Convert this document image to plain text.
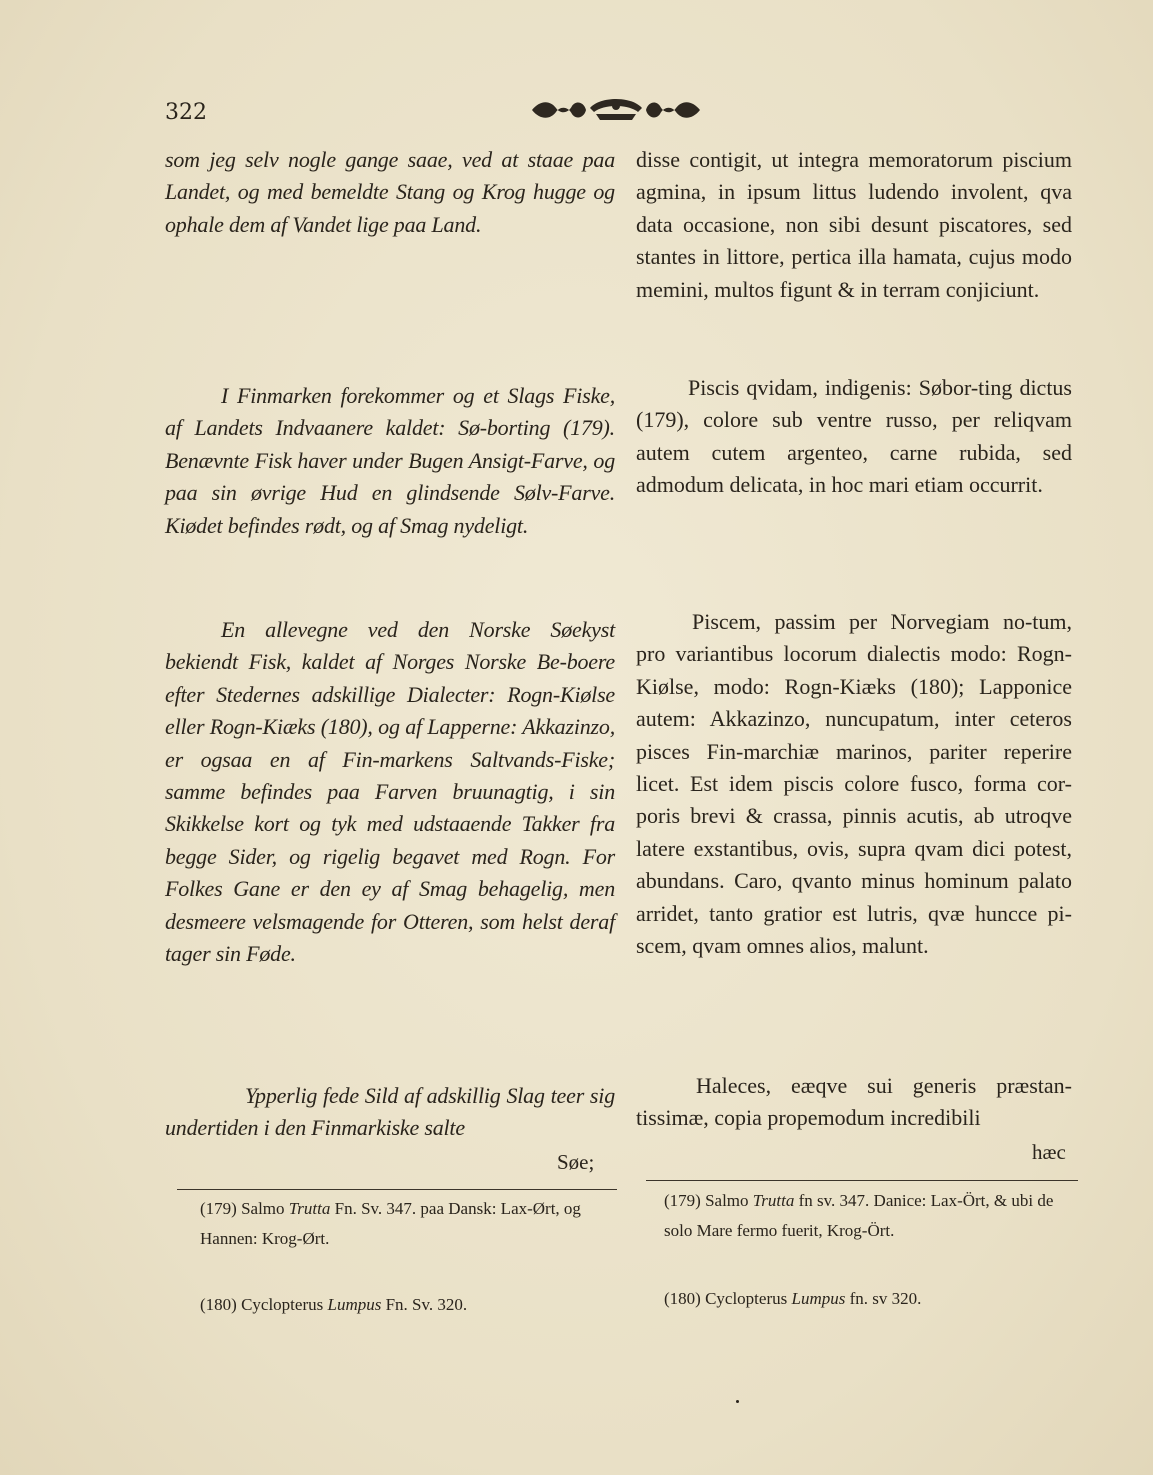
322

som jeg selv nogle gange saae, ved at staae paa Landet, og med bemeldte Stang og Krog hugge og ophale dem af Vandet lige paa Land.

I Finmarken forekommer og et Slags Fiske, af Landets Indvaanere kaldet: Sø-borting (179). Benævnte Fisk haver under Bugen Ansigt-Farve, og paa sin øvrige Hud en glindsende Sølv-Farve. Kiødet befindes rødt, og af Smag nydeligt.

En allevegne ved den Norske Søekyst bekiendt Fisk, kaldet af Norges Norske Be-boere efter Stedernes adskillige Dialecter: Rogn-Kiølse eller Rogn-Kiæks (180), og af Lapperne: Akkazinzo, er ogsaa en af Fin-markens Saltvands-Fiske; samme befindes paa Farven bruunagtig, i sin Skikkelse kort og tyk med udstaaende Takker fra begge Sider, og rigelig begavet med Rogn. For Folkes Gane er den ey af Smag behagelig, men desmeere velsmagende for Otteren, som helst deraf tager sin Føde.

Ypperlig fede Sild af adskillig Slag teer sig undertiden i den Finmarkiske salte

Søe;

(179) Salmo Trutta Fn. Sv. 347. paa Dansk: Lax-Ørt, og Hannen: Krog-Ørt.

(180) Cyclopterus Lumpus Fn. Sv. 320.

disse contigit, ut integra memoratorum piscium agmina, in ipsum littus ludendo involent, qva data occasione, non sibi desunt piscatores, sed stantes in littore, pertica illa hamata, cujus modo memini, multos figunt & in terram conjiciunt.

Piscis qvidam, indigenis: Søbor-ting dictus (179), colore sub ventre russo, per reliqvam autem cutem argenteo, carne rubida, sed admodum delicata, in hoc mari etiam occurrit.

Piscem, passim per Norvegiam no-tum, pro variantibus locorum dialectis modo: Rogn-Kiølse, modo: Rogn-Kiæks (180); Lapponice autem: Akkazinzo, nuncupatum, inter ceteros pisces Fin-marchiæ marinos, pariter reperire licet. Est idem piscis colore fusco, forma cor-poris brevi & crassa, pinnis acutis, ab utroqve latere exstantibus, ovis, supra qvam dici potest, abundans. Caro, qvanto minus hominum palato arridet, tanto gratior est lutris, qvæ huncce pi-scem, qvam omnes alios, malunt.

Haleces, eæqve sui generis præstan-tissimæ, copia propemodum incredibili

hæc

(179) Salmo Trutta fn sv. 347. Danice: Lax-Ört, & ubi de solo Mare fermo fuerit, Krog-Ört.

(180) Cyclopterus Lumpus fn. sv 320.
